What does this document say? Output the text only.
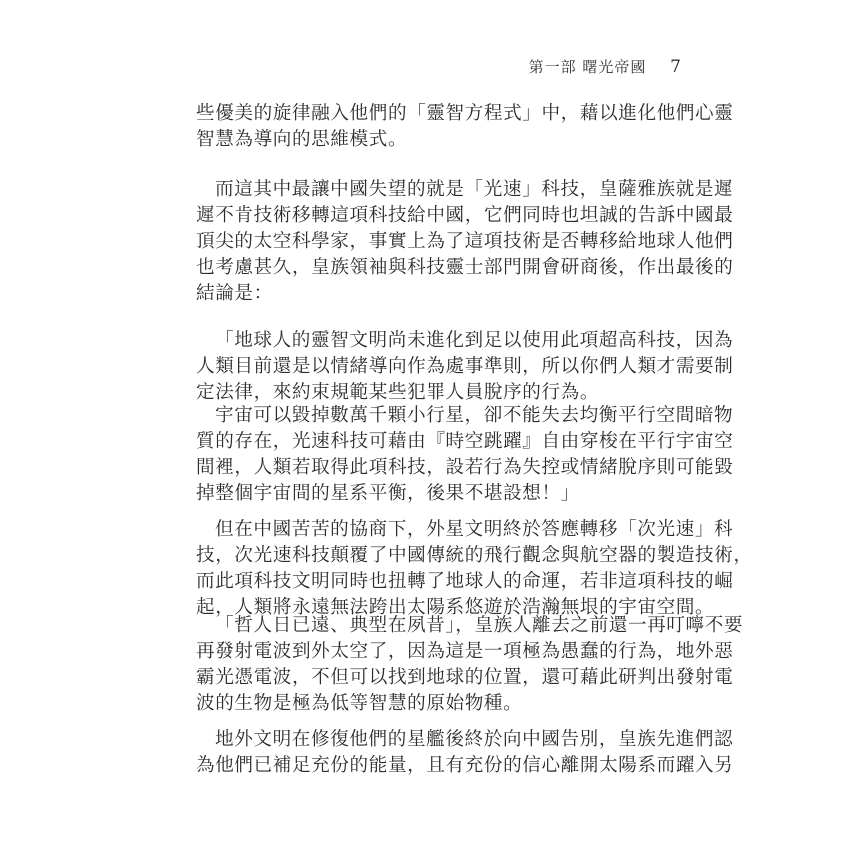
第一部 曙光帝國 7
些優美的旋律融入他們的「靈智方程式」中，藉以進化他們心靈
智慧為導向的思維模式。
而這其中最讓中國失望的就是「光速」科技，皇薩雅族就是遲
遲不肯技術移轉這項科技給中國，它們同時也坦誠的告訴中國最
頂尖的太空科學家，事實上為了這項技術是否轉移給地球人他們
也考慮甚久，皇族領袖與科技靈士部門開會研商後，作出最後的
結論是：
「地球人的靈智文明尚未進化到足以使用此項超高科技，因為
人類目前還是以情緒導向作為處事準則，所以你們人類才需要制
定法律，來約束規範某些犯罪人員脫序的行為。
宇宙可以毀掉數萬千顆小行星，卻不能失去均衡平行空間暗物
質的存在，光速科技可藉由『時空跳躍』自由穿梭在平行宇宙空
間裡，人類若取得此項科技，設若行為失控或情緒脫序則可能毀
掉整個宇宙間的星系平衡，後果不堪設想！」
但在中國苦苦的協商下，外星文明終於答應轉移「次光速」科
技，次光速科技顛覆了中國傳統的飛行觀念與航空器的製造技術，
而此項科技文明同時也扭轉了地球人的命運，若非這項科技的崛
起，人類將永遠無法跨出太陽系悠遊於浩瀚無垠的宇宙空間。
「哲人日已遠、典型在夙昔」，皇族人離去之前還一再叮嚀不要
再發射電波到外太空了，因為這是一項極為愚蠢的行為，地外惡
霸光憑電波，不但可以找到地球的位置，還可藉此研判出發射電
波的生物是極為低等智慧的原始物種。
地外文明在修復他們的星艦後終於向中國告別，皇族先進們認
為他們已補足充份的能量，且有充份的信心離開太陽系而躍入另
